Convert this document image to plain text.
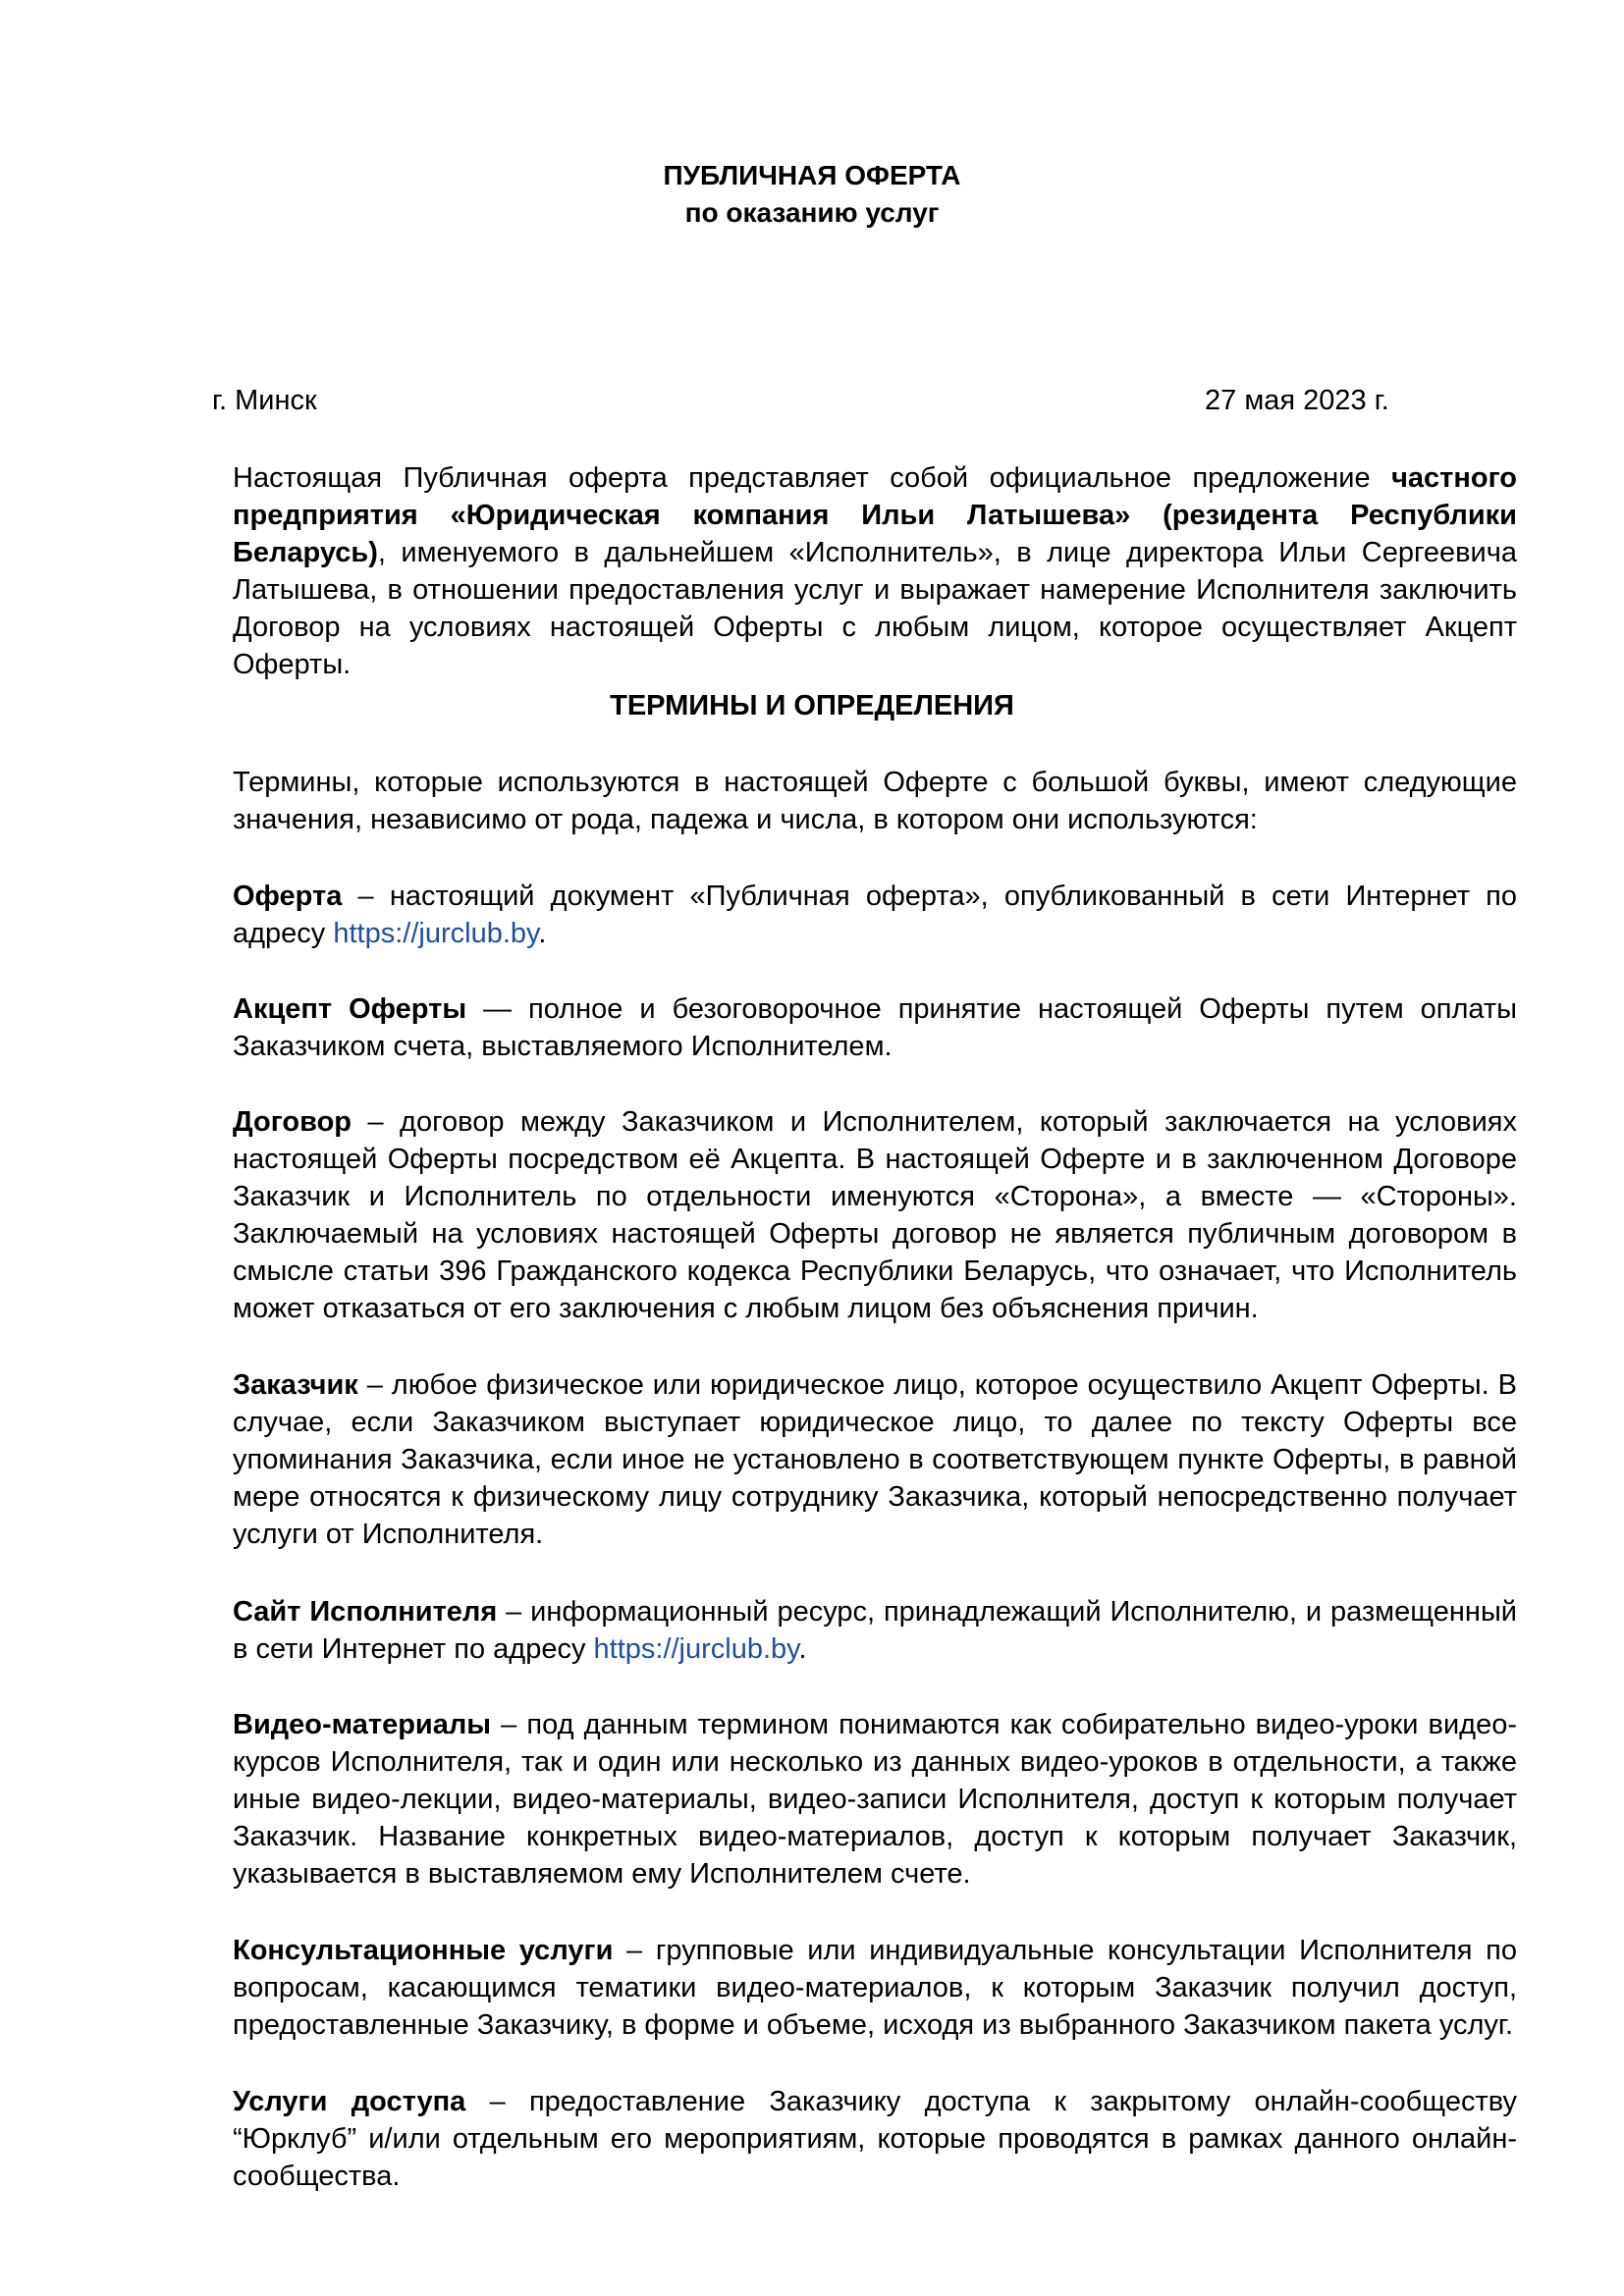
ПУБЛИЧНАЯ ОФЕРТА
по оказанию услуг
г. Минск	27 мая 2023 г.
Настоящая Публичная оферта представляет собой официальное предложение частного предприятия «Юридическая компания Ильи Латышева» (резидента Республики Беларусь), именуемого в дальнейшем «Исполнитель», в лице директора Ильи Сергеевича Латышева, в отношении предоставления услуг и выражает намерение Исполнителя заключить Договор на условиях настоящей Оферты с любым лицом, которое осуществляет Акцепт Оферты.
ТЕРМИНЫ И ОПРЕДЕЛЕНИЯ
Термины, которые используются в настоящей Оферте с большой буквы, имеют следующие значения, независимо от рода, падежа и числа, в котором они используются:
Оферта – настоящий документ «Публичная оферта», опубликованный в сети Интернет по адресу https://jurclub.by.
Акцепт Оферты — полное и безоговорочное принятие настоящей Оферты путем оплаты Заказчиком счета, выставляемого Исполнителем.
Договор – договор между Заказчиком и Исполнителем, который заключается на условиях настоящей Оферты посредством её Акцепта. В настоящей Оферте и в заключенном Договоре Заказчик и Исполнитель по отдельности именуются «Сторона», а вместе — «Стороны». Заключаемый на условиях настоящей Оферты договор не является публичным договором в смысле статьи 396 Гражданского кодекса Республики Беларусь, что означает, что Исполнитель может отказаться от его заключения с любым лицом без объяснения причин.
Заказчик – любое физическое или юридическое лицо, которое осуществило Акцепт Оферты. В случае, если Заказчиком выступает юридическое лицо, то далее по тексту Оферты все упоминания Заказчика, если иное не установлено в соответствующем пункте Оферты, в равной мере относятся к физическому лицу сотруднику Заказчика, который непосредственно получает услуги от Исполнителя.
Сайт Исполнителя – информационный ресурс, принадлежащий Исполнителю, и размещенный в сети Интернет по адресу https://jurclub.by.
Видео-материалы – под данным термином понимаются как собирательно видео-уроки видео-курсов Исполнителя, так и один или несколько из данных видео-уроков в отдельности, а также иные видео-лекции, видео-материалы, видео-записи Исполнителя, доступ к которым получает Заказчик. Название конкретных видео-материалов, доступ к которым получает Заказчик, указывается в выставляемом ему Исполнителем счете.
Консультационные услуги – групповые или индивидуальные консультации Исполнителя по вопросам, касающимся тематики видео-материалов, к которым Заказчик получил доступ, предоставленные Заказчику, в форме и объеме, исходя из выбранного Заказчиком пакета услуг.
Услуги доступа – предоставление Заказчику доступа к закрытому онлайн-сообществу “Юрклуб” и/или отдельным его мероприятиям, которые проводятся в рамках данного онлайн-сообщества.
